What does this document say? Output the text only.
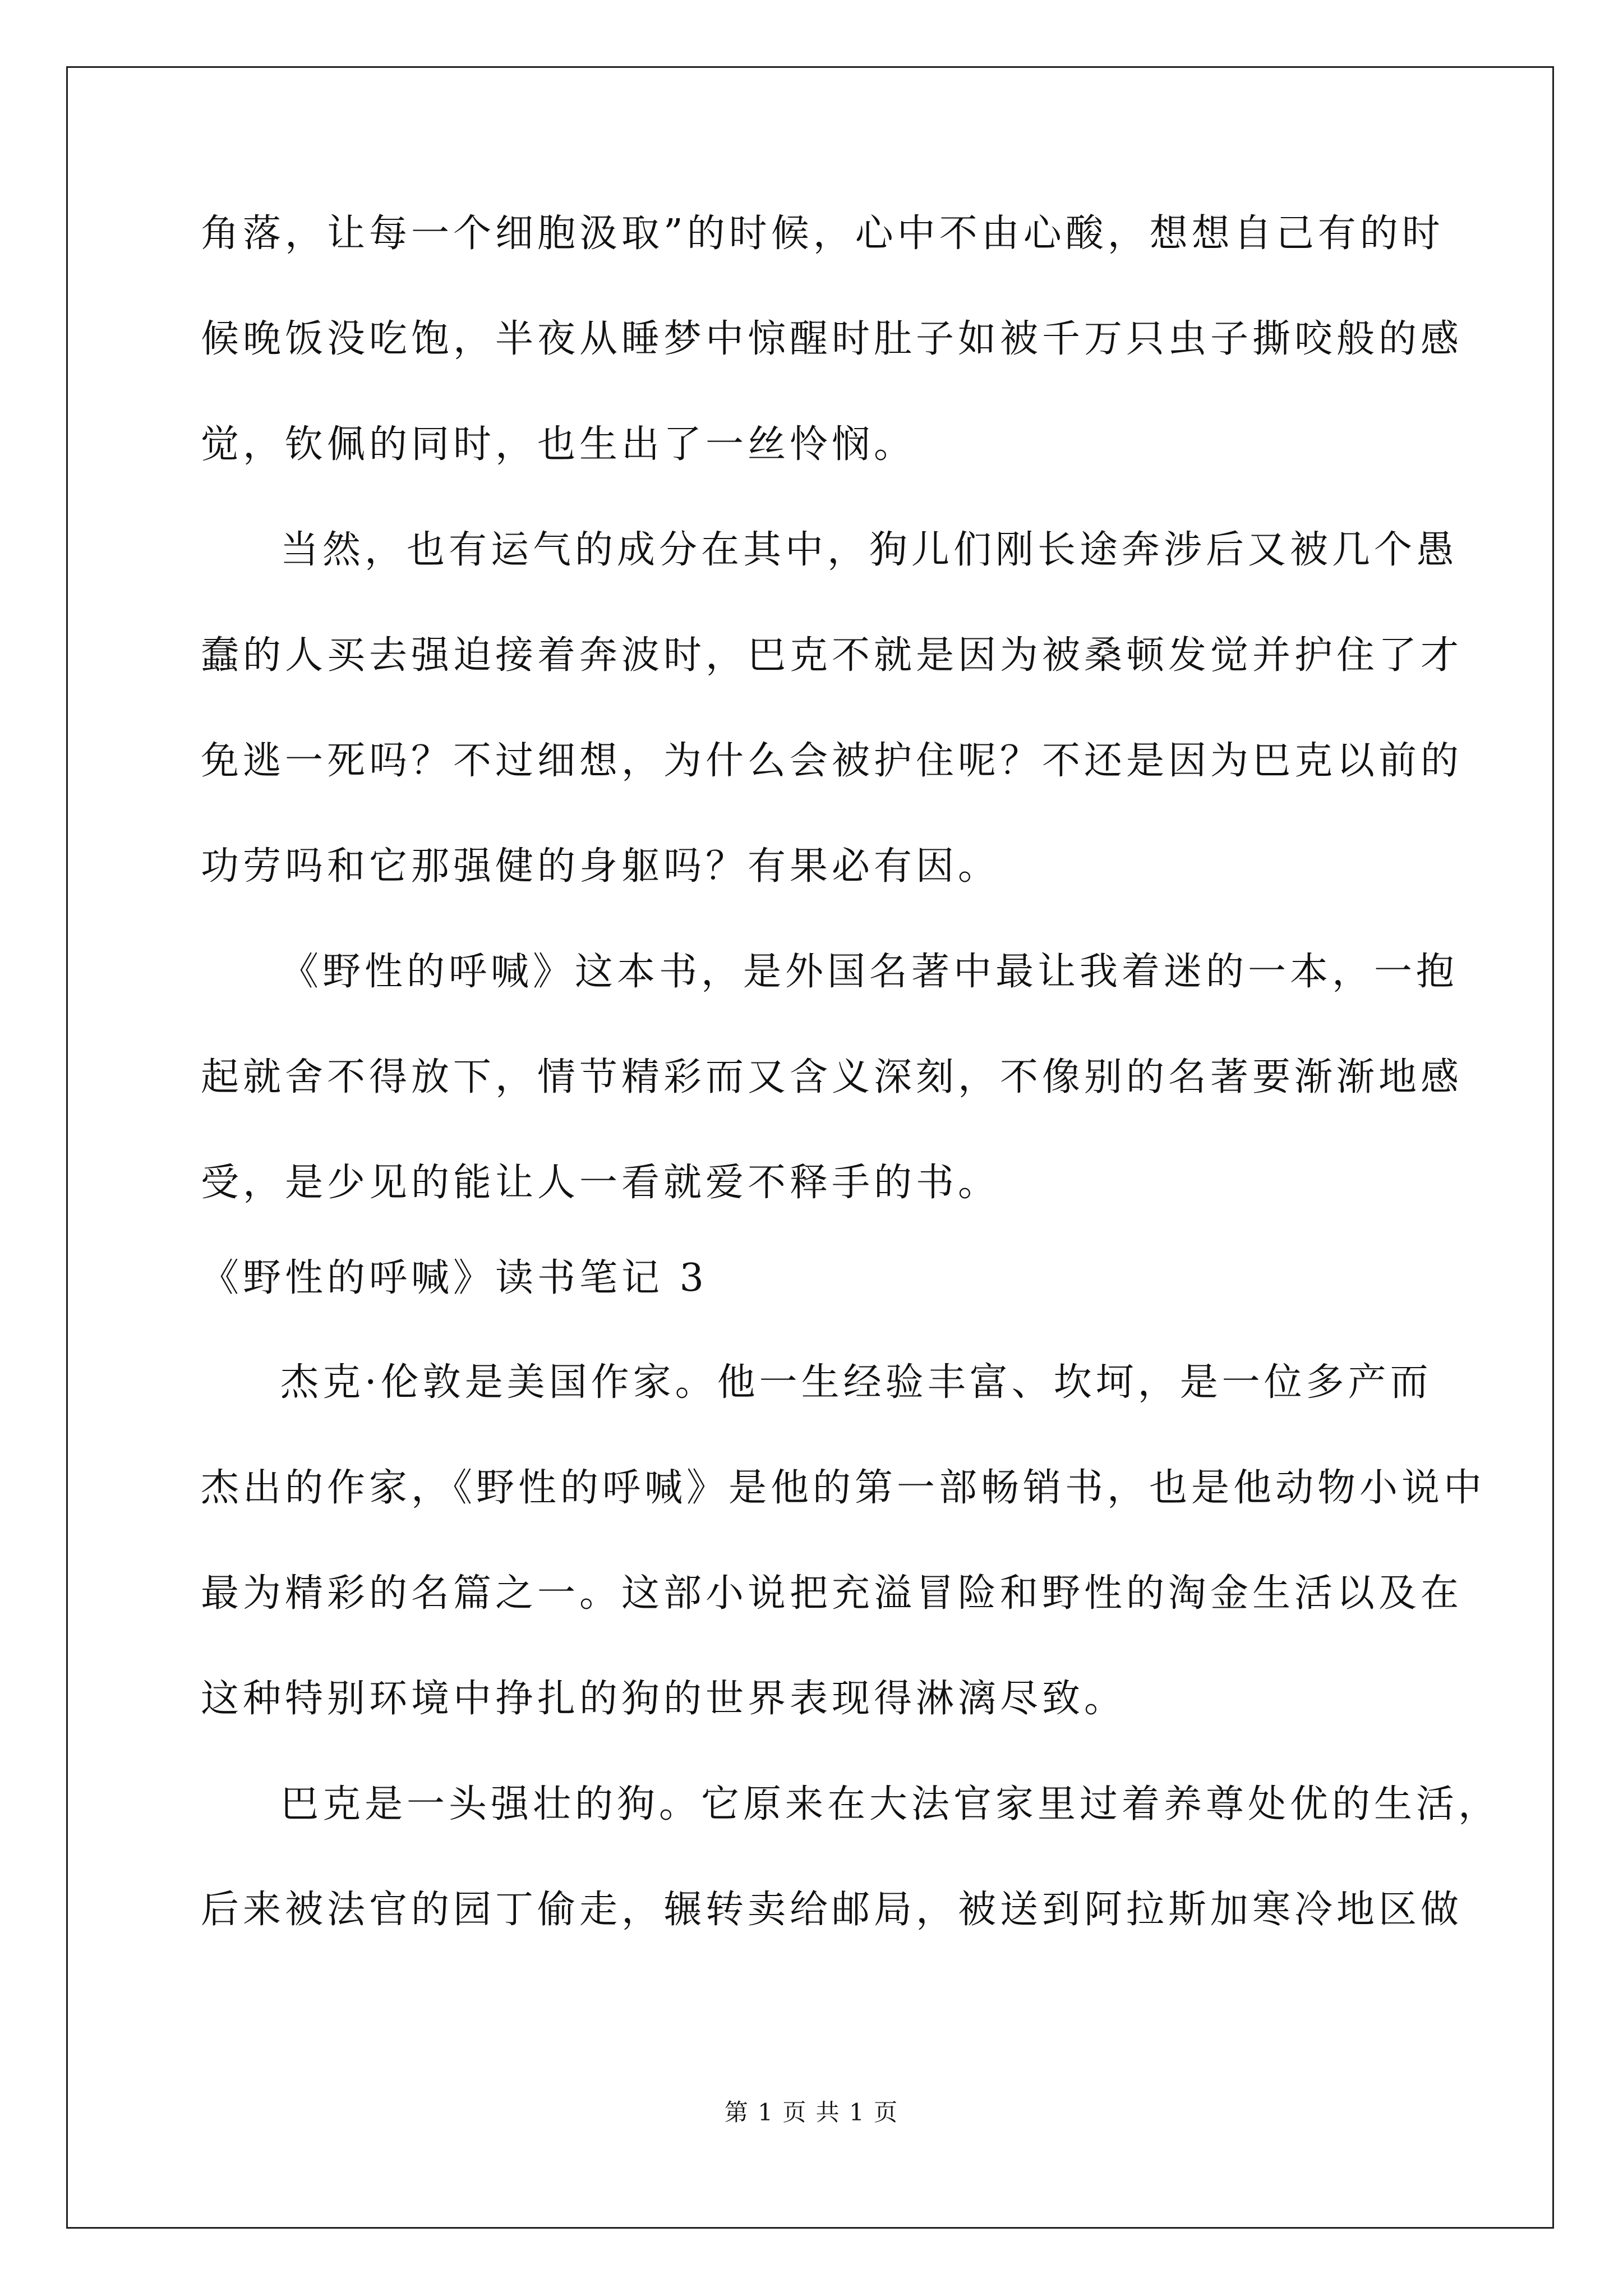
角落，让每一个细胞汲取”的时候，心中不由心酸，想想自己有的时
候晚饭没吃饱，半夜从睡梦中惊醒时肚子如被千万只虫子撕咬般的感
觉，钦佩的同时，也生出了一丝怜悯。
当然，也有运气的成分在其中，狗儿们刚长途奔涉后又被几个愚
蠢的人买去强迫接着奔波时，巴克不就是因为被桑顿发觉并护住了才
免逃一死吗？不过细想，为什么会被护住呢？不还是因为巴克以前的
功劳吗和它那强健的身躯吗？有果必有因。
《野性的呼喊》这本书，是外国名著中最让我着迷的一本，一抱
起就舍不得放下，情节精彩而又含义深刻，不像别的名著要渐渐地感
受，是少见的能让人一看就爱不释手的书。
《野性的呼喊》读书笔记 3
杰克·伦敦是美国作家。他一生经验丰富、坎坷，是一位多产而
杰出的作家，《野性的呼喊》是他的第一部畅销书，也是他动物小说中
最为精彩的名篇之一。这部小说把充溢冒险和野性的淘金生活以及在
这种特别环境中挣扎的狗的世界表现得淋漓尽致。
巴克是一头强壮的狗。它原来在大法官家里过着养尊处优的生活，
后来被法官的园丁偷走，辗转卖给邮局，被送到阿拉斯加寒冷地区做
第 1 页 共 1 页
